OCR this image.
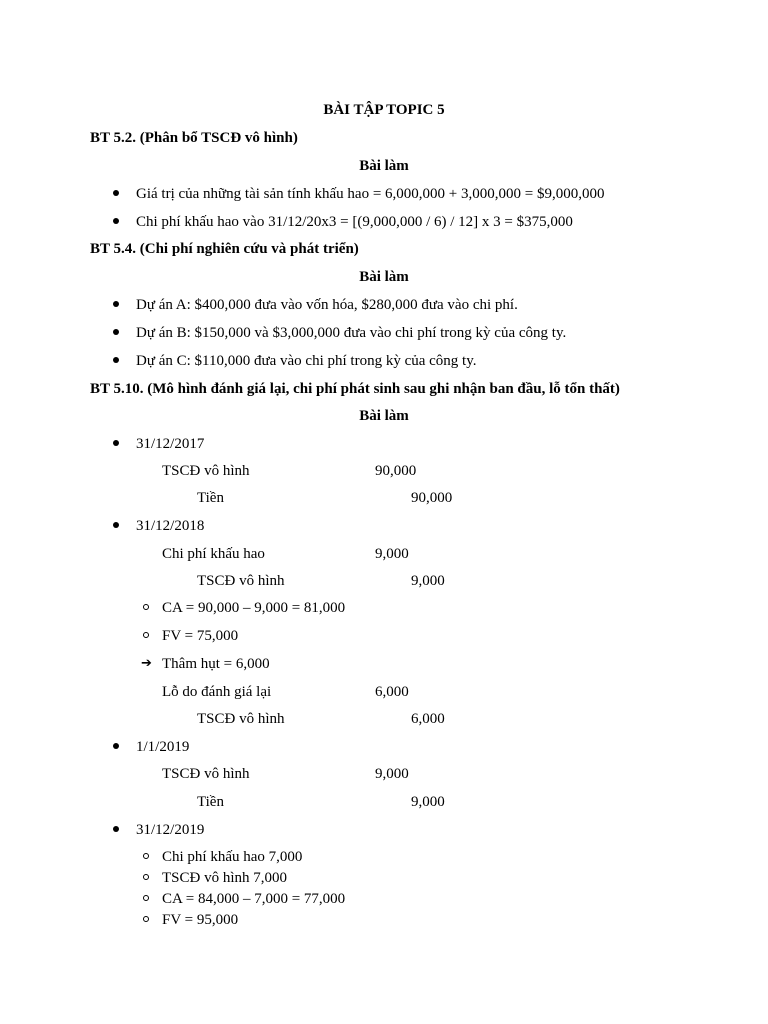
BÀI TẬP TOPIC 5
BT 5.2. (Phân bổ TSCĐ vô hình)
Bài làm
Giá trị của những tài sản tính khấu hao = 6,000,000 + 3,000,000 = $9,000,000
Chi phí khấu hao vào 31/12/20x3 = [(9,000,000 / 6) / 12] x 3 = $375,000
BT 5.4. (Chi phí nghiên cứu và phát triển)
Bài làm
Dự án A: $400,000 đưa vào vốn hóa, $280,000 đưa vào chi phí.
Dự án B: $150,000 và $3,000,000 đưa vào chi phí trong kỳ của công ty.
Dự án C: $110,000 đưa vào chi phí trong kỳ của công ty.
BT 5.10. (Mô hình đánh giá lại, chi phí phát sinh sau ghi nhận ban đầu, lỗ tổn thất)
Bài làm
31/12/2017
TSCĐ vô hình	90,000
Tiền	90,000
31/12/2018
Chi phí khấu hao	9,000
TSCĐ vô hình	9,000
CA = 90,000 – 9,000 = 81,000
FV = 75,000
➔ Thâm hụt = 6,000
Lỗ do đánh giá lại	6,000
TSCĐ vô hình	6,000
1/1/2019
TSCĐ vô hình	9,000
Tiền	9,000
31/12/2019
Chi phí khấu hao 7,000
TSCĐ vô hình 7,000
CA = 84,000 – 7,000 = 77,000
FV = 95,000
